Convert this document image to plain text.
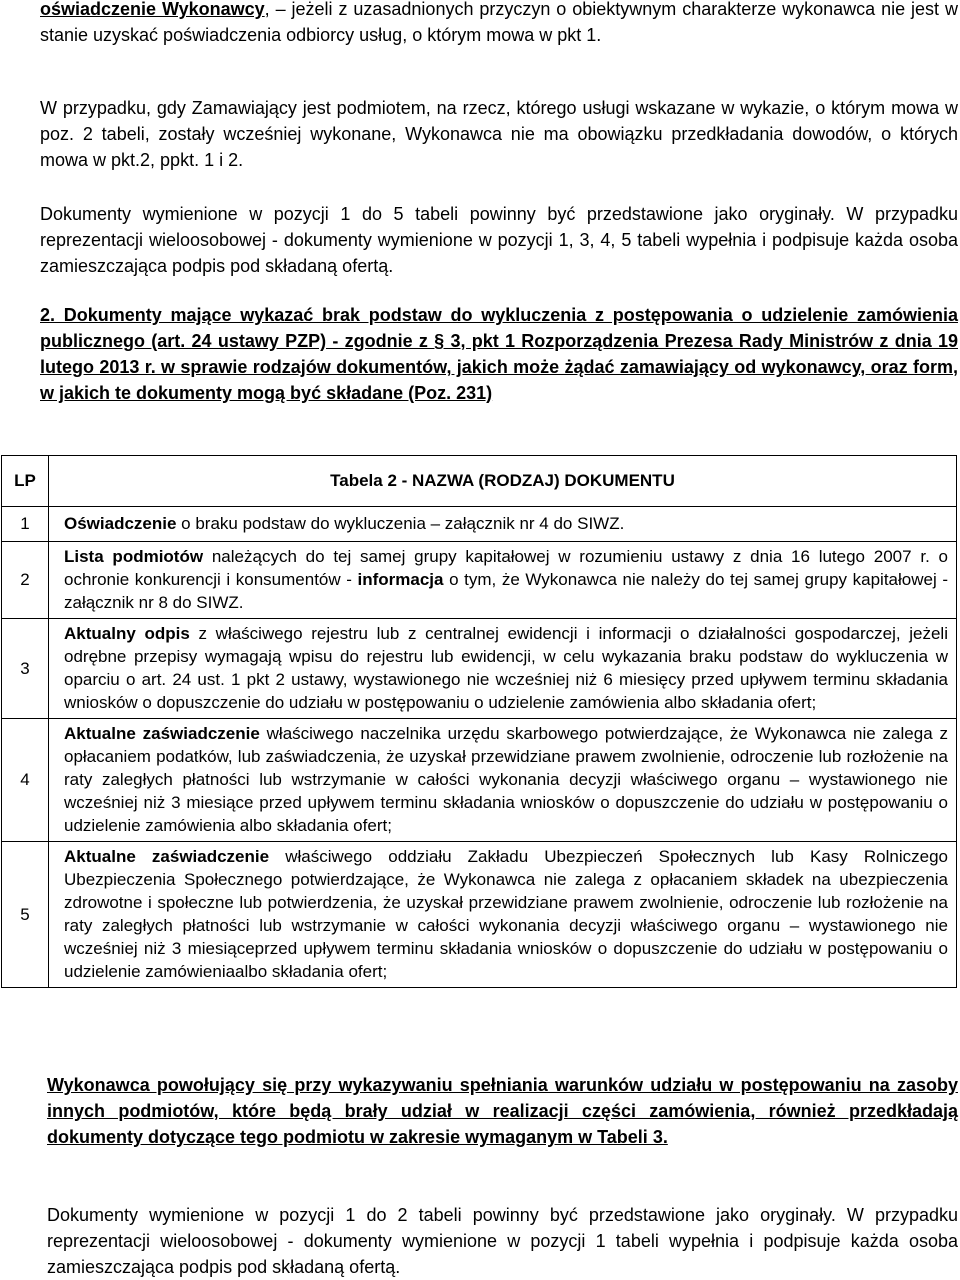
oświadczenie Wykonawcy, – jeżeli z uzasadnionych przyczyn o obiektywnym charakterze wykonawca nie jest w stanie uzyskać poświadczenia odbiorcy usług, o którym mowa w pkt 1.

W przypadku, gdy Zamawiający jest podmiotem, na rzecz, którego usługi wskazane w wykazie, o którym mowa w poz. 2 tabeli, zostały wcześniej wykonane, Wykonawca nie ma obowiązku przedkładania dowodów, o których mowa w pkt.2, ppkt. 1 i 2.

Dokumenty wymienione w pozycji 1 do 5 tabeli powinny być przedstawione jako oryginały. W przypadku reprezentacji wieloosobowej - dokumenty wymienione w pozycji 1, 3, 4, 5 tabeli wypełnia i podpisuje każda osoba zamieszczająca podpis pod składaną ofertą.

2. Dokumenty mające wykazać brak podstaw do wykluczenia z postępowania o udzielenie zamówienia publicznego (art. 24 ustawy PZP) - zgodnie z § 3, pkt 1 Rozporządzenia Prezesa Rady Ministrów z dnia 19 lutego 2013 r. w sprawie rodzajów dokumentów, jakich może żądać zamawiający od wykonawcy, oraz form, w jakich te dokumenty mogą być składane (Poz. 231)

LP	Tabela 2 - NAZWA (RODZAJ) DOKUMENTU
1	Oświadczenie o braku podstaw do wykluczenia – załącznik nr 4 do SIWZ.
2	Lista podmiotów należących do tej samej grupy kapitałowej w rozumieniu ustawy z dnia 16 lutego 2007 r. o ochronie konkurencji i konsumentów - informacja o tym, że Wykonawca nie należy do tej samej grupy kapitałowej - załącznik nr 8 do SIWZ.
3	Aktualny odpis z właściwego rejestru lub z centralnej ewidencji i informacji o działalności gospodarczej, jeżeli odrębne przepisy wymagają wpisu do rejestru lub ewidencji, w celu wykazania braku podstaw do wykluczenia w oparciu o art. 24 ust. 1 pkt 2 ustawy, wystawionego nie wcześniej niż 6 miesięcy przed upływem terminu składania wniosków o dopuszczenie do udziału w postępowaniu o udzielenie zamówienia albo składania ofert;
4	Aktualne zaświadczenie właściwego naczelnika urzędu skarbowego potwierdzające, że Wykonawca nie zalega z opłacaniem podatków, lub zaświadczenia, że uzyskał przewidziane prawem zwolnienie, odroczenie lub rozłożenie na raty zaległych płatności lub wstrzymanie w całości wykonania decyzji właściwego organu – wystawionego nie wcześniej niż 3 miesiące przed upływem terminu składania wniosków o dopuszczenie do udziału w postępowaniu o udzielenie zamówienia albo składania ofert;
5	Aktualne zaświadczenie właściwego oddziału Zakładu Ubezpieczeń Społecznych lub Kasy Rolniczego Ubezpieczenia Społecznego potwierdzające, że Wykonawca nie zalega z opłacaniem składek na ubezpieczenia zdrowotne i społeczne lub potwierdzenia, że uzyskał przewidziane prawem zwolnienie, odroczenie lub rozłożenie na raty zaległych płatności lub wstrzymanie w całości wykonania decyzji właściwego organu – wystawionego nie wcześniej niż 3 miesiąceprzed upływem terminu składania wniosków o dopuszczenie do udziału w postępowaniu o udzielenie zamówieniaalbo składania ofert;

Wykonawca powołujący się przy wykazywaniu spełniania warunków udziału w postępowaniu na zasoby innych podmiotów, które będą brały udział w realizacji części zamówienia, również przedkładają dokumenty dotyczące tego podmiotu w zakresie wymaganym w Tabeli 3.

Dokumenty wymienione w pozycji 1 do 2 tabeli powinny być przedstawione jako oryginały. W przypadku reprezentacji wieloosobowej - dokumenty wymienione w pozycji 1 tabeli wypełnia i podpisuje każda osoba zamieszczająca podpis pod składaną ofertą.
